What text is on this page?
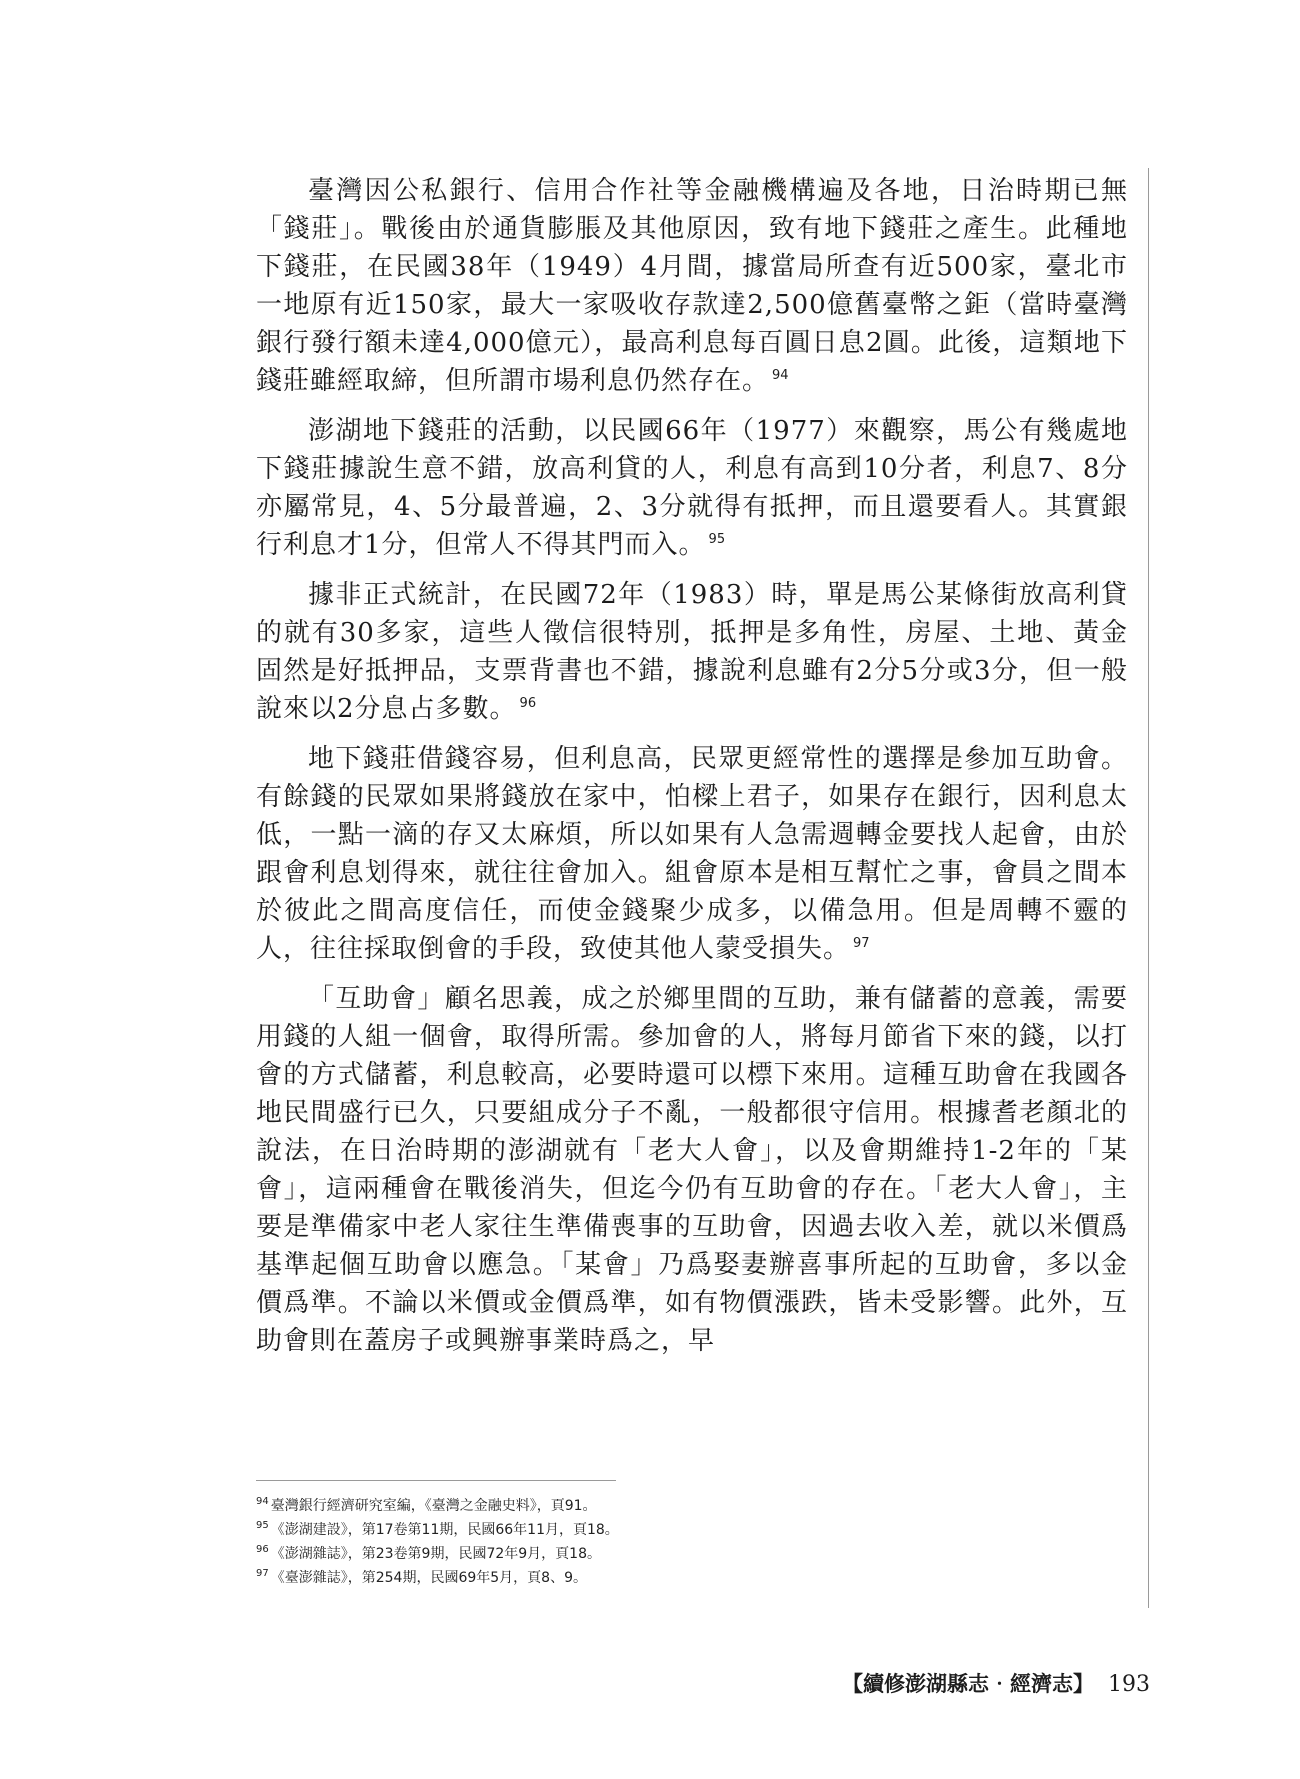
臺灣因公私銀行、信用合作社等金融機構遍及各地，日治時期已無「錢莊」。戰後由於通貨膨脹及其他原因，致有地下錢莊之產生。此種地下錢莊，在民國38年（1949）4月間，據當局所查有近500家，臺北市一地原有近150家，最大一家吸收存款達2,500億舊臺幣之鉅（當時臺灣銀行發行額未達4,000億元），最高利息每百圓日息2圓。此後，這類地下錢莊雖經取締，但所謂市場利息仍然存在。 $^{94}$

澎湖地下錢莊的活動，以民國66年（1977）來觀察，馬公有幾處地下錢莊據說生意不錯，放高利貸的人，利息有高到10分者，利息7、8分亦屬常見，4、5分最普遍，2、3分就得有抵押，而且還要看人。其實銀行利息才1分，但常人不得其門而入。 $^{95}$

據非正式統計，在民國72年（1983）時，單是馬公某條街放高利貸的就有30多家，這些人徵信很特別，抵押是多角性，房屋、土地、黃金固然是好抵押品，支票背書也不錯，據說利息雖有2分5分或3分，但一般說來以2分息占多數。 $^{96}$

地下錢莊借錢容易，但利息高，民眾更經常性的選擇是參加互助會。有餘錢的民眾如果將錢放在家中，怕樑上君子，如果存在銀行，因利息太低，一點一滴的存又太麻煩，所以如果有人急需週轉金要找人起會，由於跟會利息划得來，就往往會加入。組會原本是相互幫忙之事，會員之間本於彼此之間高度信任，而使金錢聚少成多，以備急用。但是周轉不靈的人，往往採取倒會的手段，致使其他人蒙受損失。 $^{97}$

「互助會」顧名思義，成之於鄉里間的互助，兼有儲蓄的意義，需要用錢的人組一個會，取得所需。參加會的人，將每月節省下來的錢，以打會的方式儲蓄，利息較高，必要時還可以標下來用。這種互助會在我國各地民間盛行已久，只要組成分子不亂，一般都很守信用。根據耆老顏北的說法，在日治時期的澎湖就有「老大人會」，以及會期維持1-2年的「某會」，這兩種會在戰後消失，但迄今仍有互助會的存在。「老大人會」，主要是準備家中老人家往生準備喪事的互助會，因過去收入差，就以米價爲基準起個互助會以應急。「某會」乃爲娶妻辦喜事所起的互助會，多以金價爲準。不論以米價或金價爲準，如有物價漲跌，皆未受影響。此外，互助會則在蓋房子或興辦事業時爲之，早

$^{94}$ 臺灣銀行經濟研究室編，《臺灣之金融史料》，頁91。
$^{95}$ 《澎湖建設》，第17卷第11期，民國66年11月，頁18。
$^{96}$ 《澎湖雜誌》，第23卷第9期，民國72年9月，頁18。
$^{97}$ 《臺澎雜誌》，第254期，民國69年5月，頁8、9。
【續修澎湖縣志‧經濟志】 193
